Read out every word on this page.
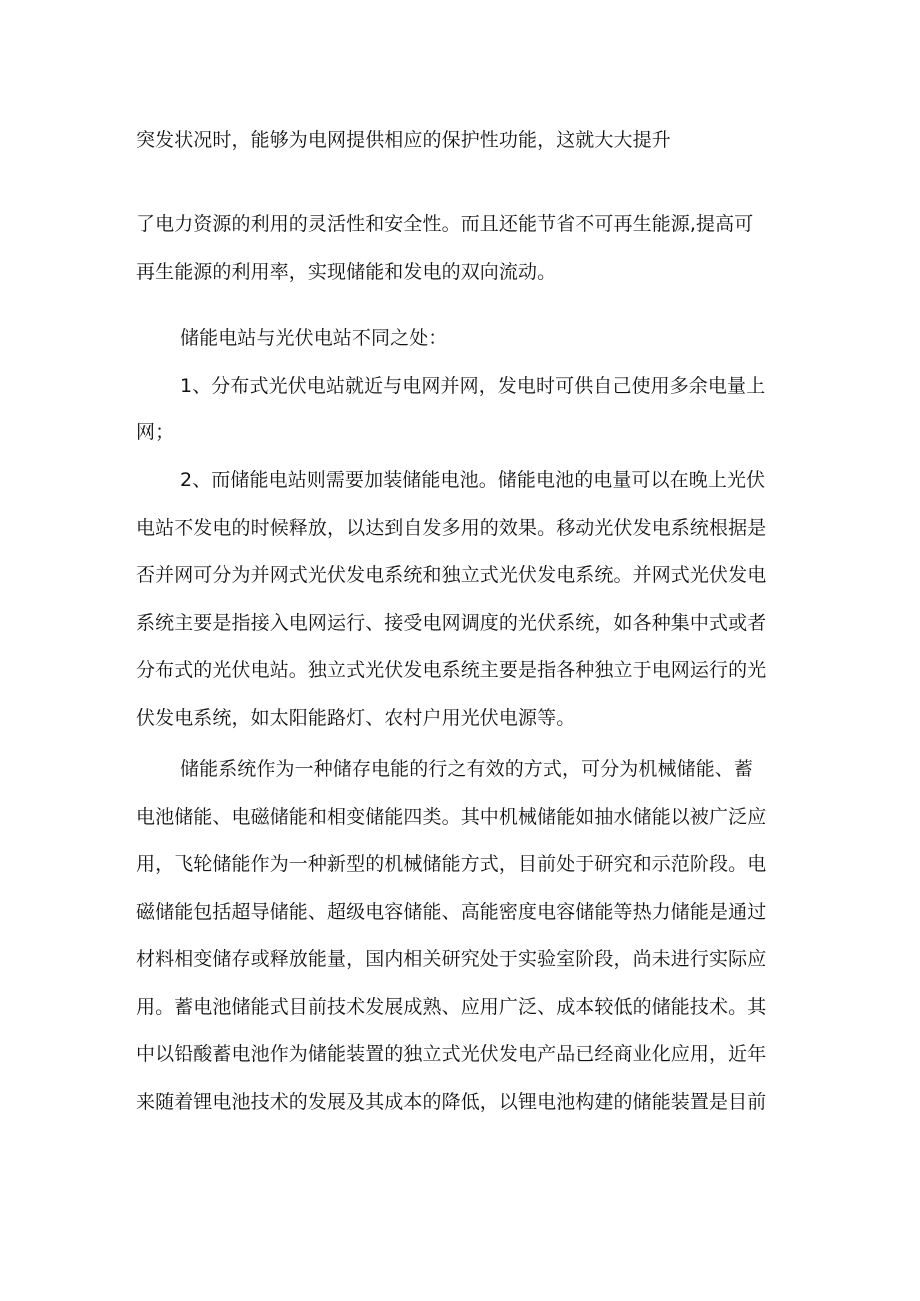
突发状况时，能够为电网提供相应的保护性功能，这就大大提升
了电力资源的利用的灵活性和安全性。而且还能节省不可再生能源,提高可
再生能源的利用率，实现储能和发电的双向流动。
储能电站与光伏电站不同之处：
1、分布式光伏电站就近与电网并网，发电时可供自己使用多余电量上
网；
2、而储能电站则需要加装储能电池。储能电池的电量可以在晚上光伏
电站不发电的时候释放，以达到自发多用的效果。移动光伏发电系统根据是
否并网可分为并网式光伏发电系统和独立式光伏发电系统。并网式光伏发电
系统主要是指接入电网运行、接受电网调度的光伏系统，如各种集中式或者
分布式的光伏电站。独立式光伏发电系统主要是指各种独立于电网运行的光
伏发电系统，如太阳能路灯、农村户用光伏电源等。
储能系统作为一种储存电能的行之有效的方式，可分为机械储能、蓄
电池储能、电磁储能和相变储能四类。其中机械储能如抽水储能以被广泛应
用，飞轮储能作为一种新型的机械储能方式，目前处于研究和示范阶段。电
磁储能包括超导储能、超级电容储能、高能密度电容储能等热力储能是通过
材料相变储存或释放能量，国内相关研究处于实验室阶段，尚未进行实际应
用。蓄电池储能式目前技术发展成熟、应用广泛、成本较低的储能技术。其
中以铅酸蓄电池作为储能装置的独立式光伏发电产品已经商业化应用，近年
来随着锂电池技术的发展及其成本的降低，以锂电池构建的储能装置是目前
